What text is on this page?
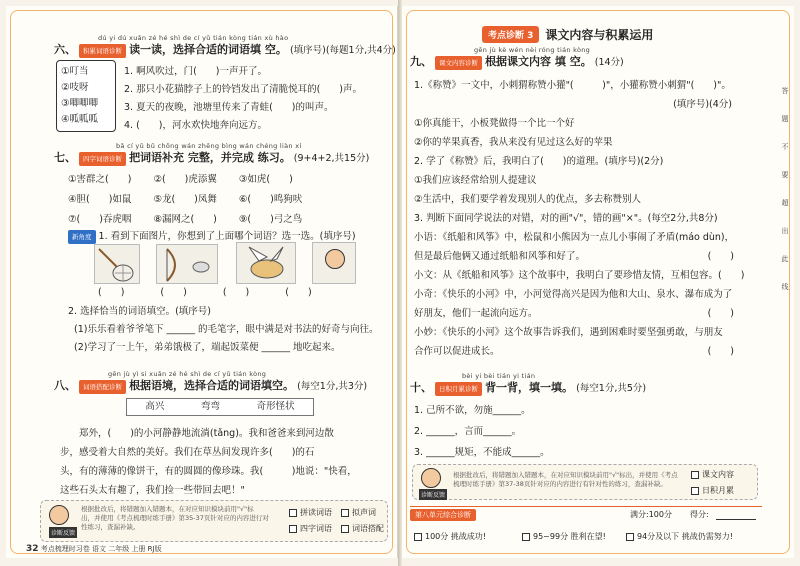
dú yi dú xuǎn zé hé shì de cí yǔ tián kòng tián xù hào
六、 积累词语诊断 读一读，选择合适的词语填 空。 (填序号)(每题1分,共4分)
①叮当
②吱呀
③唧唧唧
④呱呱呱
1. 啊风吹过，门(　　)一声开了。
2. 那只小花猫脖子上的铃铛发出了清脆悦耳的(　　)声。
3. 夏天的夜晚，池塘里传来了青蛙(　　)的叫声。
4. (　　)，河水欢快地奔向远方。
bǎ cí yǔ bǔ chōng wán zhěng bìng wán chéng liàn xí
七、 四字词语诊断 把词语补充 完整，并完成 练习。 (9+4+2,共15分)
①害群之(　　) ②(　　)虎添翼 ③如虎(　　)
④胆(　　)如鼠 ⑤龙(　　)凤舞 ⑥(　　)鸣狗吠
⑦(　　)吞虎咽 ⑧漏网之(　　) ⑨(　　)弓之鸟
新角度 1. 看到下面图片，你想到了上面哪个词语？选一选。(填序号)
(　　)	(　　)	(　　)	(　　)
2. 选择恰当的词语填空。(填序号)
(1)乐乐看着爷爷笔下 ______ 的毛笔字，眼中满是对书法的好奇与向往。
(2)学习了一上午，弟弟饿极了，端起饭菜便 ______ 地吃起来。
gēn jù yì si xuǎn zé hé shì de cí yǔ tián kòng
八、 词语搭配诊断 根据语境，选择合适的词语填空。 (每空1分,共3分)
高兴	弯弯	奇形怪状
　　郑外，(　　)的小河静静地流淌(tǎng)。我和爸爸来到河边散
步，感受着大自然的美好。我们在草丛间发现许多(　　)的石
头，有的薄薄的像饼干，有的圆圆的像珍珠。我(　　　)地说："快看，
这些石头太有趣了，我们捡一些带回去吧！"
诊断反馈
根据批改后，将错题加入错题本，在对应知识模块前用"√"标
出，并使用《考点梳理时练手册》第35-37页针对应的内容进行对
性练习，查漏补缺。
拼读词语	拟声词
四字词语	词语搭配
32 考点梳理时习卷 语文 二年级 上册 RJ版
考点诊断 3	课文内容与积累运用
gēn jù kè wén nèi róng tián kòng
九、 课文内容诊断 根据课文内容 填 空。 (14分)
1.《称赞》一文中，小刺猬称赞小獾"(　　　)"，小獾称赞小刺猬"(　　)"。
(填序号)(4分)
①你真能干，小板凳做得一个比一个好
②你的苹果真香，我从来没有见过这么好的苹果
2. 学了《称赞》后，我明白了(　　)的道理。(填序号)(2分)
①我们应该经常给别人提建议
②生活中，我们要学着发现别人的优点，多去称赞别人
3. 判断下面同学说法的对错，对的画"√"，错的画"×"。(每空2分,共8分)
小语：《纸船和风筝》中，松鼠和小熊因为一点儿小事闹了矛盾(máo dùn)，
但是最后他俩又通过纸船和风筝和好了。	(　　)
小文：从《纸船和风筝》这个故事中，我明白了要珍惜友情，互相包容。 (　　)
小奇：《快乐的小河》中，小河觉得高兴是因为他和大山、泉水、瀑布成为了
好朋友，他们一起流向远方。	(　　)
小妙：《快乐的小河》这个故事告诉我们，遇到困难时要坚强勇敢，与朋友
合作可以促进成长。	(　　)
bèi yi bèi tián yi tián
十、 日积月累诊断 背一背，填一填。 (每空1分,共5分)
1. 己所不欲，勿施______。
2. ______，言而______。
3. ______规矩，不能成______。
诊断反馈
根据批改后，将错题加入错题本，在对应知识模块前用"√"标出，并使用《考点
梳理时练手册》第37-38页针对应的内容进行有针对性的练习，查漏补缺。
课文内容
日积月累
第八单元综合诊断	满分:100分 得分:
100分 挑战成功!	95~99分 胜利在望!	94分及以下 挑战仍需努力!
答
题
不
要
超
出
此
线
